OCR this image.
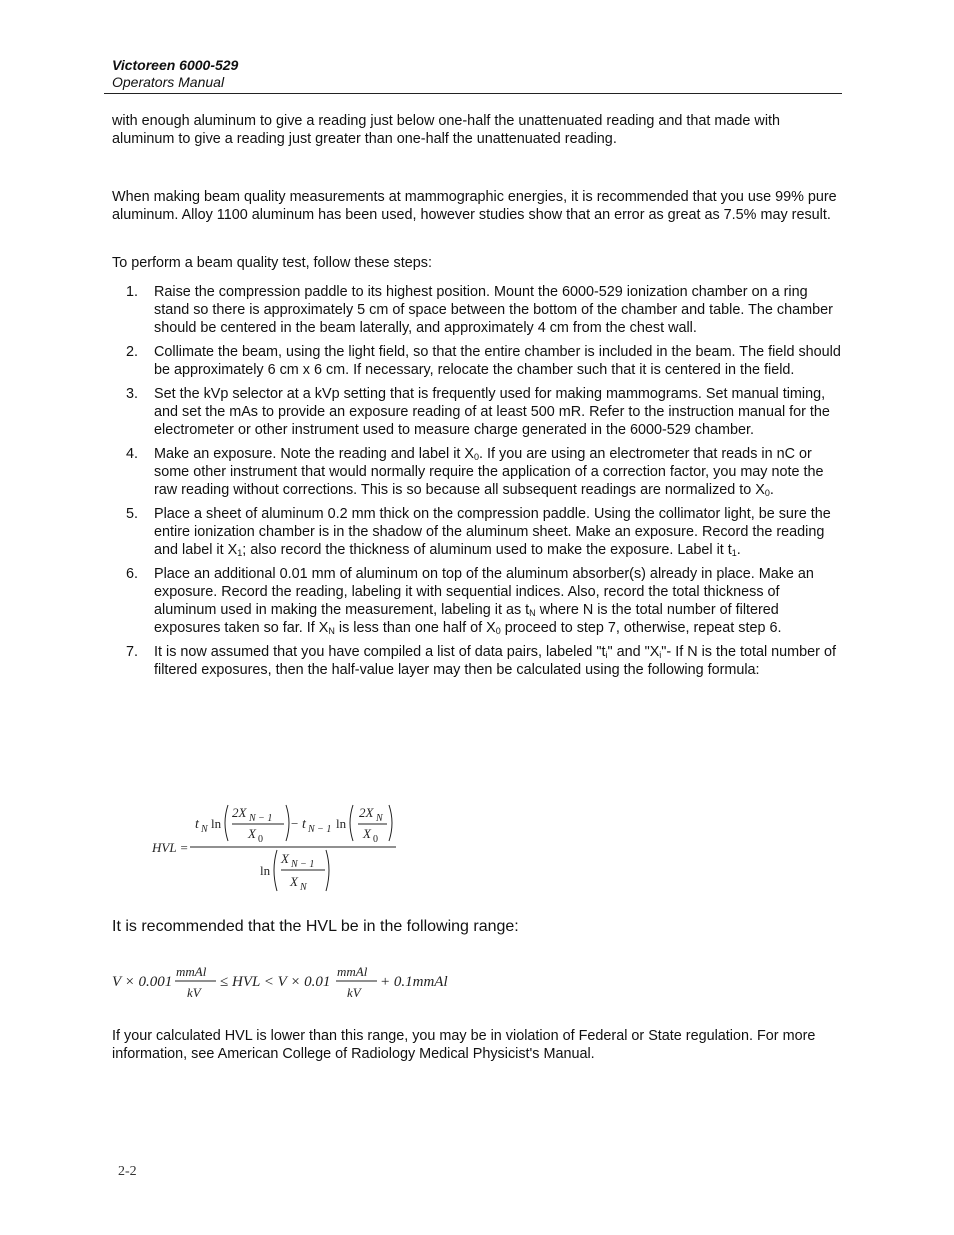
Victoreen 6000-529
Operators Manual
with enough aluminum to give a reading just below one-half the unattenuated reading and that made with aluminum to give a reading just greater than one-half the unattenuated reading.
When making beam quality measurements at mammographic energies, it is recommended that you use 99% pure aluminum. Alloy 1100 aluminum has been used, however studies show that an error as great as 7.5% may result.
To perform a beam quality test, follow these steps:
1. Raise the compression paddle to its highest position. Mount the 6000-529 ionization chamber on a ring stand so there is approximately 5 cm of space between the bottom of the chamber and table. The chamber should be centered in the beam laterally, and approximately 4 cm from the chest wall.
2. Collimate the beam, using the light field, so that the entire chamber is included in the beam. The field should be approximately 6 cm x 6 cm. If necessary, relocate the chamber such that it is centered in the field.
3. Set the kVp selector at a kVp setting that is frequently used for making mammograms. Set manual timing, and set the mAs to provide an exposure reading of at least 500 mR. Refer to the instruction manual for the electrometer or other instrument used to measure charge generated in the 6000-529 chamber.
4. Make an exposure. Note the reading and label it $X_0$. If you are using an electrometer that reads in nC or some other instrument that would normally require the application of a correction factor, you may note the raw reading without corrections. This is so because all subsequent readings are normalized to $X_0$.
5. Place a sheet of aluminum 0.2 mm thick on the compression paddle. Using the collimator light, be sure the entire ionization chamber is in the shadow of the aluminum sheet. Make an exposure. Record the reading and label it $X_1$; also record the thickness of aluminum used to make the exposure. Label it $t_1$.
6. Place an additional 0.01 mm of aluminum on top of the aluminum absorber(s) already in place. Make an exposure. Record the reading, labeling it with sequential indices. Also, record the total thickness of aluminum used in making the measurement, labeling it as $t_N$ where N is the total number of filtered exposures taken so far. If $X_N$ is less than one half of $X_0$ proceed to step 7, otherwise, repeat step 6.
7. It is now assumed that you have compiled a list of data pairs, labeled "$t_i$" and "$X_i"-$ If N is the total number of filtered exposures, then the half-value layer may then be calculated using the following formula:
HVL =
t N ln
2X N − 1
X 0
− t N − 1 ln
2X N
X 0
ln
X N − 1
X N
It is recommended that the HVL be in the following range:
V × 0.001
mmAl
kV
≤ HVL < V × 0.01
mmAl
kV
+ 0.1mmAl
If your calculated HVL is lower than this range, you may be in violation of Federal or State regulation. For more information, see American College of Radiology Medical Physicist's Manual.
2-2
